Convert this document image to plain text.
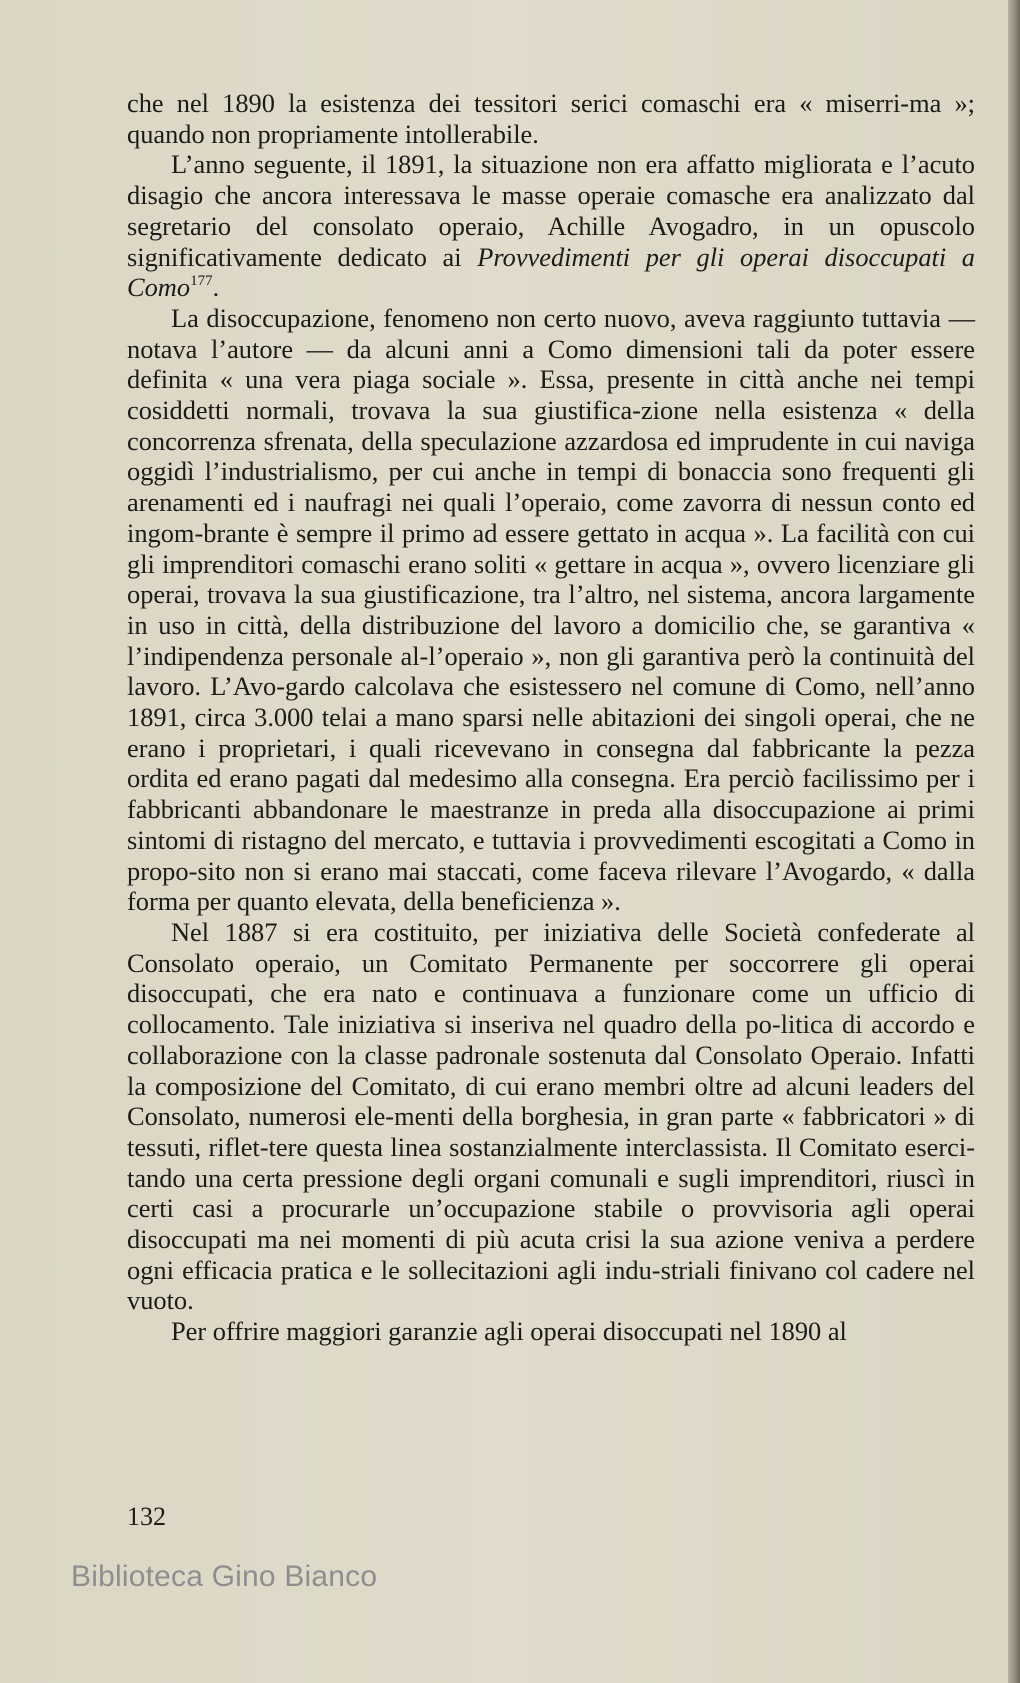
che nel 1890 la esistenza dei tessitori serici comaschi era « miserri-ma »; quando non propriamente intollerabile.

L’anno seguente, il 1891, la situazione non era affatto migliorata e l’acuto disagio che ancora interessava le masse operaie comasche era analizzato dal segretario del consolato operaio, Achille Avogadro, in un opuscolo significativamente dedicato ai Provvedimenti per gli operai disoccupati a Como$^{177}$.

La disoccupazione, fenomeno non certo nuovo, aveva raggiunto tuttavia — notava l’autore — da alcuni anni a Como dimensioni tali da poter essere definita « una vera piaga sociale ». Essa, presente in città anche nei tempi cosiddetti normali, trovava la sua giustifica-zione nella esistenza « della concorrenza sfrenata, della speculazione azzardosa ed imprudente in cui naviga oggidì l’industrialismo, per cui anche in tempi di bonaccia sono frequenti gli arenamenti ed i naufragi nei quali l’operaio, come zavorra di nessun conto ed ingom-brante è sempre il primo ad essere gettato in acqua ». La facilità con cui gli imprenditori comaschi erano soliti « gettare in acqua », ovvero licenziare gli operai, trovava la sua giustificazione, tra l’altro, nel sistema, ancora largamente in uso in città, della distribuzione del lavoro a domicilio che, se garantiva « l’indipendenza personale al-l’operaio », non gli garantiva però la continuità del lavoro. L’Avo-gardo calcolava che esistessero nel comune di Como, nell’anno 1891, circa 3.000 telai a mano sparsi nelle abitazioni dei singoli operai, che ne erano i proprietari, i quali ricevevano in consegna dal fabbricante la pezza ordita ed erano pagati dal medesimo alla consegna. Era perciò facilissimo per i fabbricanti abbandonare le maestranze in preda alla disoccupazione ai primi sintomi di ristagno del mercato, e tuttavia i provvedimenti escogitati a Como in propo-sito non si erano mai staccati, come faceva rilevare l’Avogardo, « dalla forma per quanto elevata, della beneficienza ».

Nel 1887 si era costituito, per iniziativa delle Società confederate al Consolato operaio, un Comitato Permanente per soccorrere gli operai disoccupati, che era nato e continuava a funzionare come un ufficio di collocamento. Tale iniziativa si inseriva nel quadro della po-litica di accordo e collaborazione con la classe padronale sostenuta dal Consolato Operaio. Infatti la composizione del Comitato, di cui erano membri oltre ad alcuni leaders del Consolato, numerosi ele-menti della borghesia, in gran parte « fabbricatori » di tessuti, riflet-tere questa linea sostanzialmente interclassista. Il Comitato eserci-tando una certa pressione degli organi comunali e sugli imprenditori, riuscì in certi casi a procurarle un’occupazione stabile o provvisoria agli operai disoccupati ma nei momenti di più acuta crisi la sua azione veniva a perdere ogni efficacia pratica e le sollecitazioni agli indu-striali finivano col cadere nel vuoto.

Per offrire maggiori garanzie agli operai disoccupati nel 1890 al

132
Biblioteca Gino Bianco
